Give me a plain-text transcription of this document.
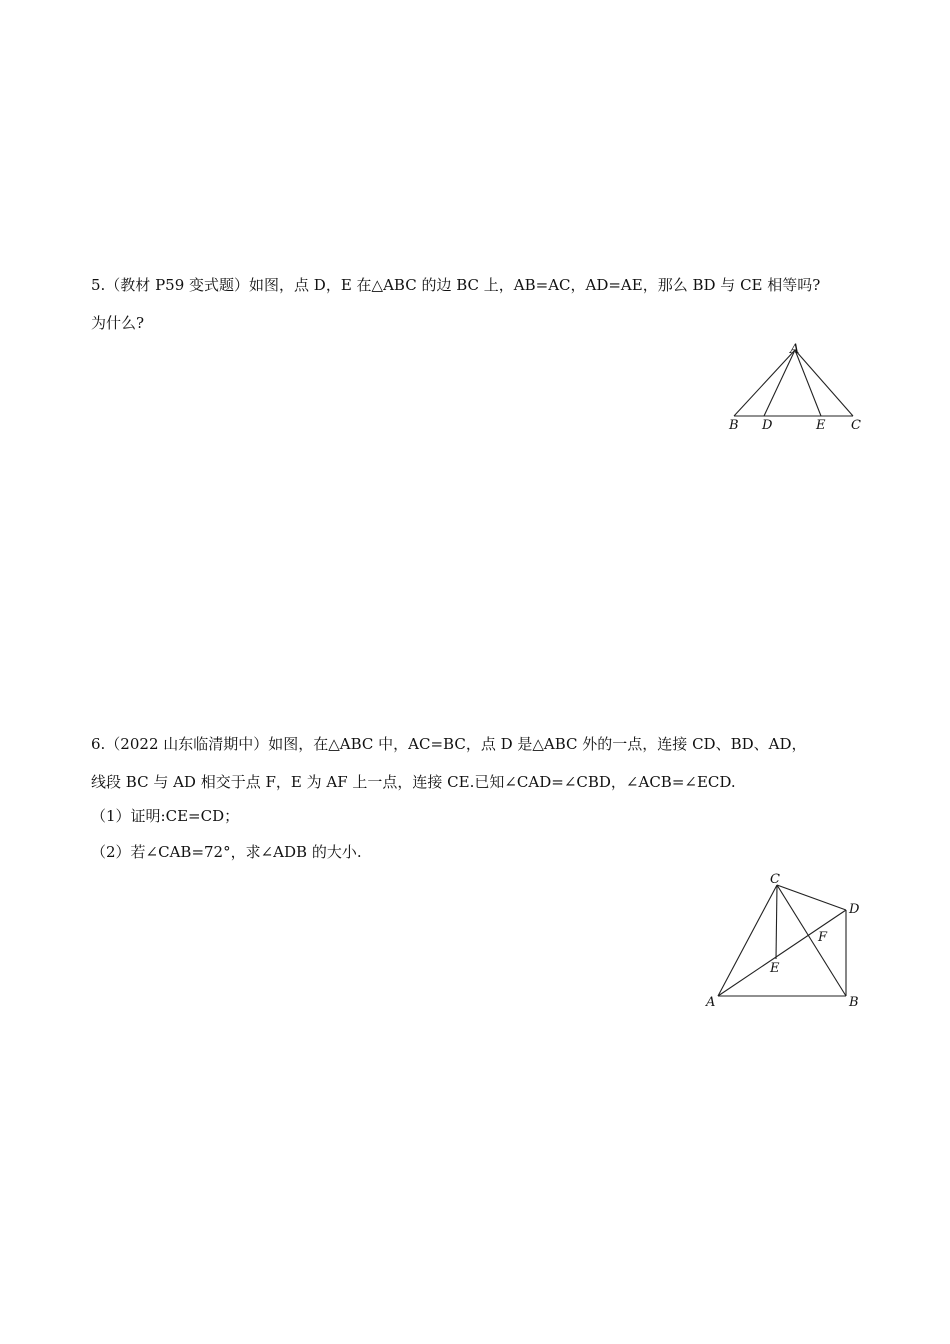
5.（教材 P59 变式题）如图，点 D，E 在△ABC 的边 BC 上，AB=AC，AD=AE，那么 BD 与 CE 相等吗?
为什么?
A
B D	E C
6.（2022 山东临清期中）如图，在△ABC 中，AC=BC，点 D 是△ABC 外的一点，连接 CD、BD、AD，
线段 BC 与 AD 相交于点 F，E 为 AF 上一点，连接 CE.已知∠CAD=∠CBD，∠ACB=∠ECD.
（1）证明:CE=CD；
（2）若∠CAB=72°，求∠ADB 的大小.
C
D
F
E
A	B
